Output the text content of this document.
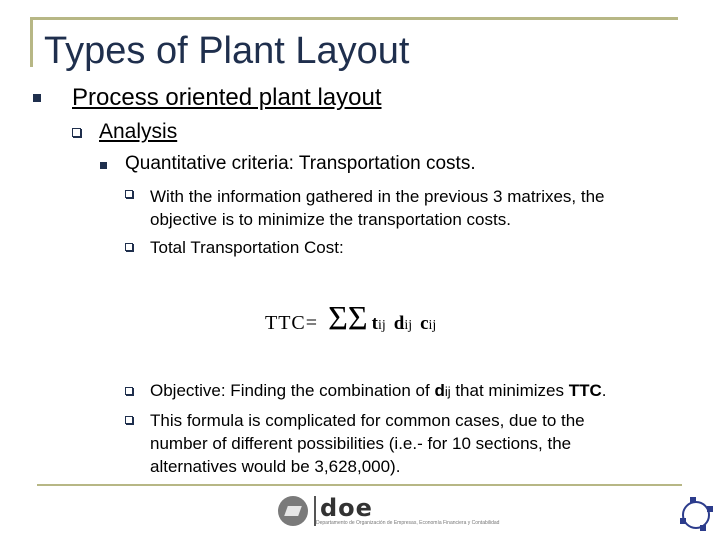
Types of Plant Layout
Process oriented plant layout
Analysis
Quantitative criteria: Transportation costs.
With the information gathered in the previous 3 matrixes, the
objective is to minimize the transportation costs.
Total Transportation Cost:
TTC= ΣΣ tij dij cij
Objective: Finding the combination of dij that minimizes TTC.
This formula is complicated for common cases, due to the
number of different possibilities (i.e.- for 10 sections, the
alternatives would be 3,628,000).
doe
Departamento de Organización de Empresas, Economía Financiera y Contabilidad
